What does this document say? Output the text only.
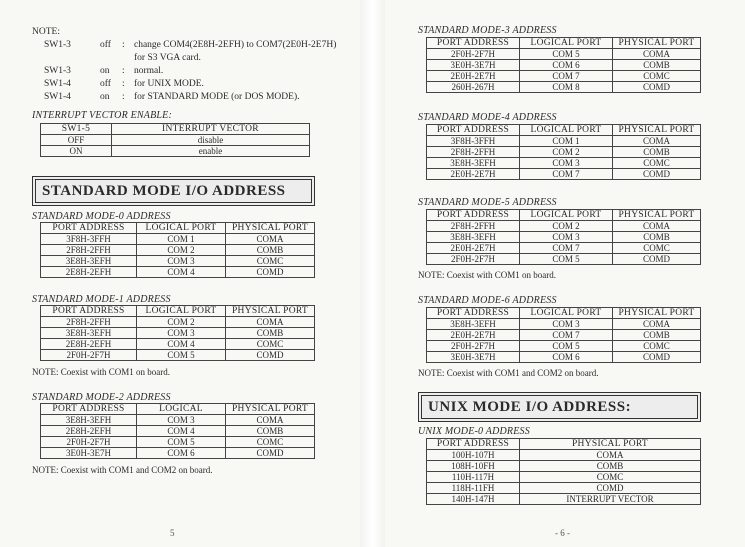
NOTE:
SW1-3	off	: change COM4(2E8H-2EFH) to COM7(2E0H-2E7H)
for S3 VGA card.
SW1-3	on	: normal.
SW1-4	off	: for UNIX MODE.
SW1-4	on	: for STANDARD MODE (or DOS MODE).
INTERRUPT VECTOR ENABLE:
SW1-5	INTERRUPT VECTOR
OFF	disable
ON	enable
STANDARD MODE I/O ADDRESS
STANDARD MODE-0 ADDRESS
PORT ADDRESS	LOGICAL PORT	PHYSICAL PORT
3F8H-3FFH	COM 1	COMA
2F8H-2FFH	COM 2	COMB
3E8H-3EFH	COM 3	COMC
2E8H-2EFH	COM 4	COMD
STANDARD MODE-1 ADDRESS
PORT ADDRESS	LOGICAL PORT	PHYSICAL PORT
2F8H-2FFH	COM 2	COMA
3E8H-3EFH	COM 3	COMB
2E8H-2EFH	COM 4	COMC
2F0H-2F7H	COM 5	COMD
NOTE: Coexist with COM1 on board.
STANDARD MODE-2 ADDRESS
PORT ADDRESS	LOGICAL	PHYSICAL PORT
3E8H-3EFH	COM 3	COMA
2E8H-2EFH	COM 4	COMB
2F0H-2F7H	COM 5	COMC
3E0H-3E7H	COM 6	COMD
NOTE: Coexist with COM1 and COM2 on board.
5
STANDARD MODE-3 ADDRESS
PORT ADDRESS	LOGICAL PORT	PHYSICAL PORT
2F0H-2F7H	COM 5	COMA
3E0H-3E7H	COM 6	COMB
2E0H-2E7H	COM 7	COMC
260H-267H	COM 8	COMD
STANDARD MODE-4 ADDRESS
PORT ADDRESS	LOGICAL PORT	PHYSICAL PORT
3F8H-3FFH	COM 1	COMA
2F8H-2FFH	COM 2	COMB
3E8H-3EFH	COM 3	COMC
2E0H-2E7H	COM 7	COMD
STANDARD MODE-5 ADDRESS
PORT ADDRESS	LOGICAL PORT	PHYSICAL PORT
2F8H-2FFH	COM 2	COMA
3E8H-3EFH	COM 3	COMB
2E0H-2E7H	COM 7	COMC
2F0H-2F7H	COM 5	COMD
NOTE: Coexist with COM1 on board.
STANDARD MODE-6 ADDRESS
PORT ADDRESS	LOGICAL PORT	PHYSICAL PORT
3E8H-3EFH	COM 3	COMA
2E0H-2E7H	COM 7	COMB
2F0H-2F7H	COM 5	COMC
3E0H-3E7H	COM 6	COMD
NOTE: Coexist with COM1 and COM2 on board.
UNIX MODE I/O ADDRESS:
UNIX MODE-0 ADDRESS
PORT ADDRESS	PHYSICAL PORT
100H-107H	COMA
108H-10FH	COMB
110H-117H	COMC
118H-11FH	COMD
140H-147H	INTERRUPT VECTOR
- 6 -
